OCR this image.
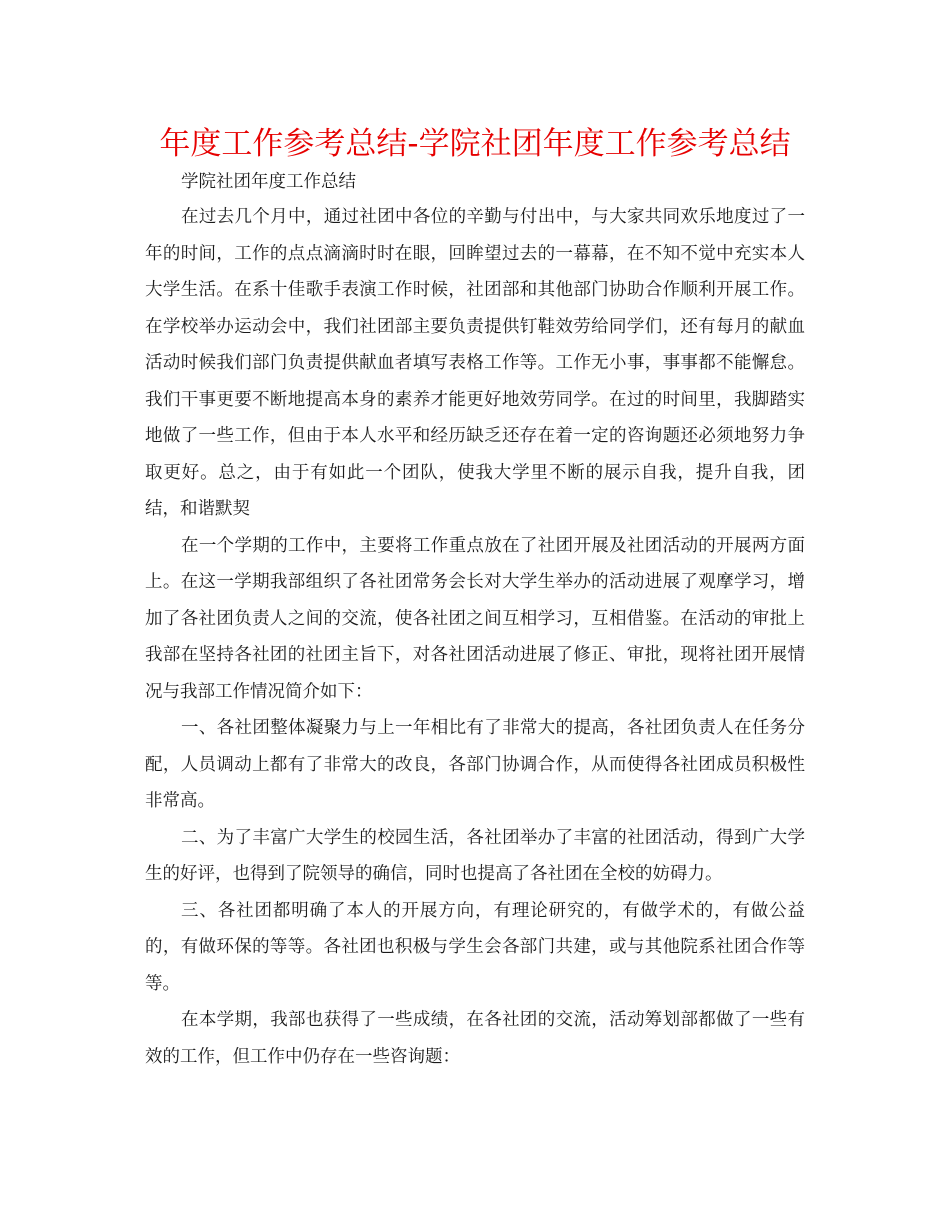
年度工作参考总结-学院社团年度工作参考总结
学院社团年度工作总结

在过去几个月中，通过社团中各位的辛勤与付出中，与大家共同欢乐地度过了一年的时间，工作的点点滴滴时时在眼，回眸望过去的一幕幕，在不知不觉中充实本人大学生活。在系十佳歌手表演工作时候，社团部和其他部门协助合作顺利开展工作。在学校举办运动会中，我们社团部主要负责提供钉鞋效劳给同学们，还有每月的献血活动时候我们部门负责提供献血者填写表格工作等。工作无小事，事事都不能懈怠。我们干事更要不断地提高本身的素养才能更好地效劳同学。在过的时间里，我脚踏实地做了一些工作，但由于本人水平和经历缺乏还存在着一定的咨询题还必须地努力争取更好。总之，由于有如此一个团队，使我大学里不断的展示自我，提升自我，团结，和谐默契

在一个学期的工作中，主要将工作重点放在了社团开展及社团活动的开展两方面上。在这一学期我部组织了各社团常务会长对大学生举办的活动进展了观摩学习，增加了各社团负责人之间的交流，使各社团之间互相学习，互相借鉴。在活动的审批上我部在坚持各社团的社团主旨下，对各社团活动进展了修正、审批，现将社团开展情况与我部工作情况简介如下：

一、各社团整体凝聚力与上一年相比有了非常大的提高，各社团负责人在任务分配，人员调动上都有了非常大的改良，各部门协调合作，从而使得各社团成员积极性非常高。

二、为了丰富广大学生的校园生活，各社团举办了丰富的社团活动，得到广大学生的好评，也得到了院领导的确信，同时也提高了各社团在全校的妨碍力。

三、各社团都明确了本人的开展方向，有理论研究的，有做学术的，有做公益的，有做环保的等等。各社团也积极与学生会各部门共建，或与其他院系社团合作等等。

在本学期，我部也获得了一些成绩，在各社团的交流，活动筹划部都做了一些有效的工作，但工作中仍存在一些咨询题：
